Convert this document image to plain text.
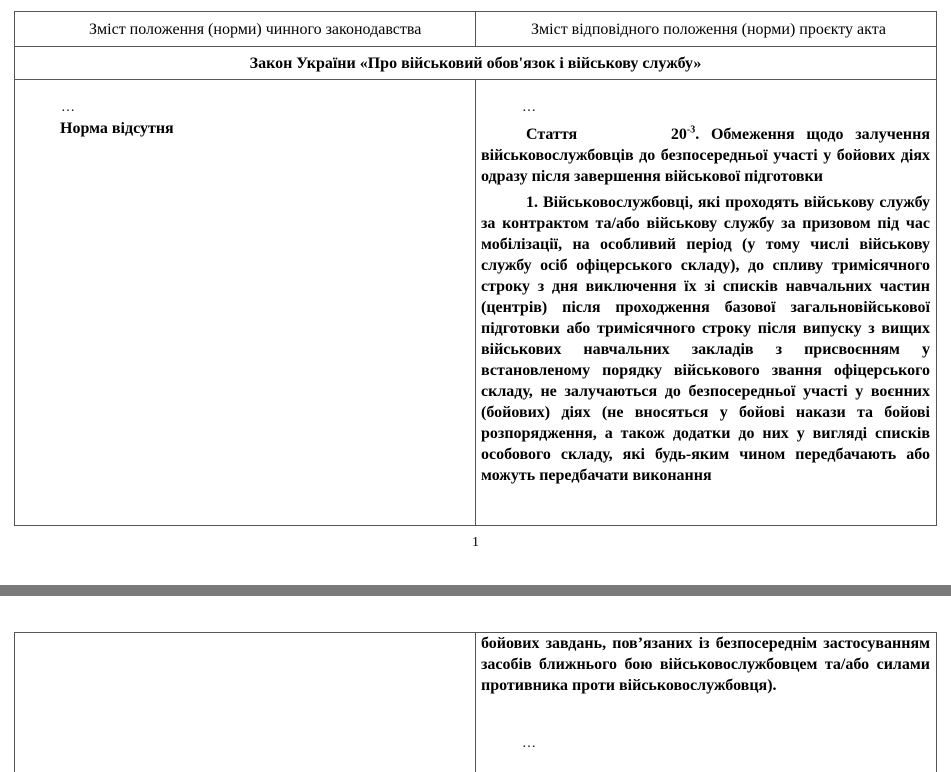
Зміст положення (норми) чинного законодавства	Зміст відповідного положення (норми) проєкту акта
Закон України «Про військовий обов'язок і військову службу»
…
Норма відсутня
…

Стаття	$20^{-3}$. Обмеження щодо залучення військовослужбовців до безпосередньої участі у бойових діях одразу після завершення військової підготовки

1. Військовослужбовці, які проходять військову службу за контрактом та/або військову службу за призовом під час мобілізації, на особливий період (у тому числі військову службу осіб офіцерського складу), до спливу тримісячного строку з дня виключення їх зі списків навчальних частин (центрів) після проходження базової загальновійськової підготовки або тримісячного строку після випуску з вищих військових навчальних закладів з присвоєнням у встановленому порядку військового звання офіцерського складу, не залучаються до безпосередньої участі у воєнних (бойових) діях (не вносяться у бойові накази та бойові розпорядження, а також додатки до них у вигляді списків особового складу, які будь-яким чином передбачають або можуть передбачати виконання

1

бойових завдань, пов’язаних із безпосереднім застосуванням засобів ближнього бою військовослужбовцем та/або силами противника проти військовослужбовця).

…
